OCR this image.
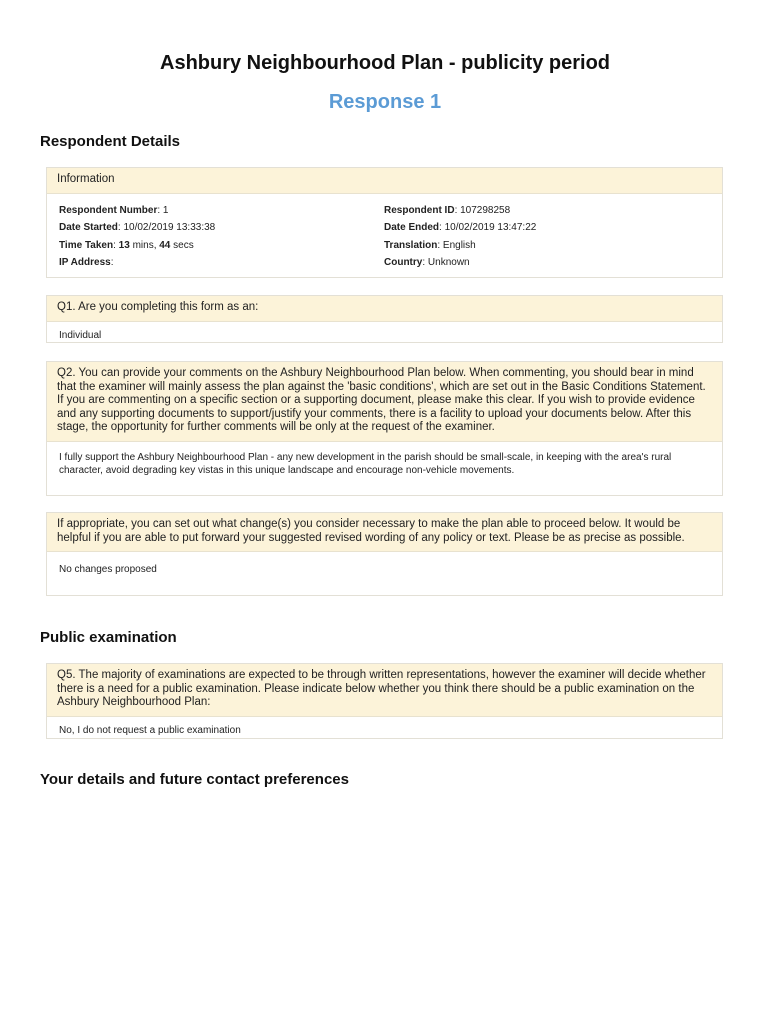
Ashbury Neighbourhood Plan - publicity period
Response 1
Respondent Details
Information
Respondent Number: 1	Respondent ID: 107298258
Date Started: 10/02/2019 13:33:38	Date Ended: 10/02/2019 13:47:22
Time Taken: 13 mins, 44 secs	Translation: English
IP Address:	Country: Unknown
Q1. Are you completing this form as an:
Individual
Q2. You can provide your comments on the Ashbury Neighbourhood Plan below. When commenting, you should bear in mind that the examiner will mainly assess the plan against the 'basic conditions', which are set out in the Basic Conditions Statement. If you are commenting on a specific section or a supporting document, please make this clear. If you wish to provide evidence and any supporting documents to support/justify your comments, there is a facility to upload your documents below. After this stage, the opportunity for further comments will be only at the request of the examiner.
I fully support the Ashbury Neighbourhood Plan - any new development in the parish should be small-scale, in keeping with the area's rural character, avoid degrading key vistas in this unique landscape and encourage non-vehicle movements.
If appropriate, you can set out what change(s) you consider necessary to make the plan able to proceed below. It would be helpful if you are able to put forward your suggested revised wording of any policy or text. Please be as precise as possible.
No changes proposed
Public examination
Q5. The majority of examinations are expected to be through written representations, however the examiner will decide whether there is a need for a public examination. Please indicate below whether you think there should be a public examination on the Ashbury Neighbourhood Plan:
No, I do not request a public examination
Your details and future contact preferences
